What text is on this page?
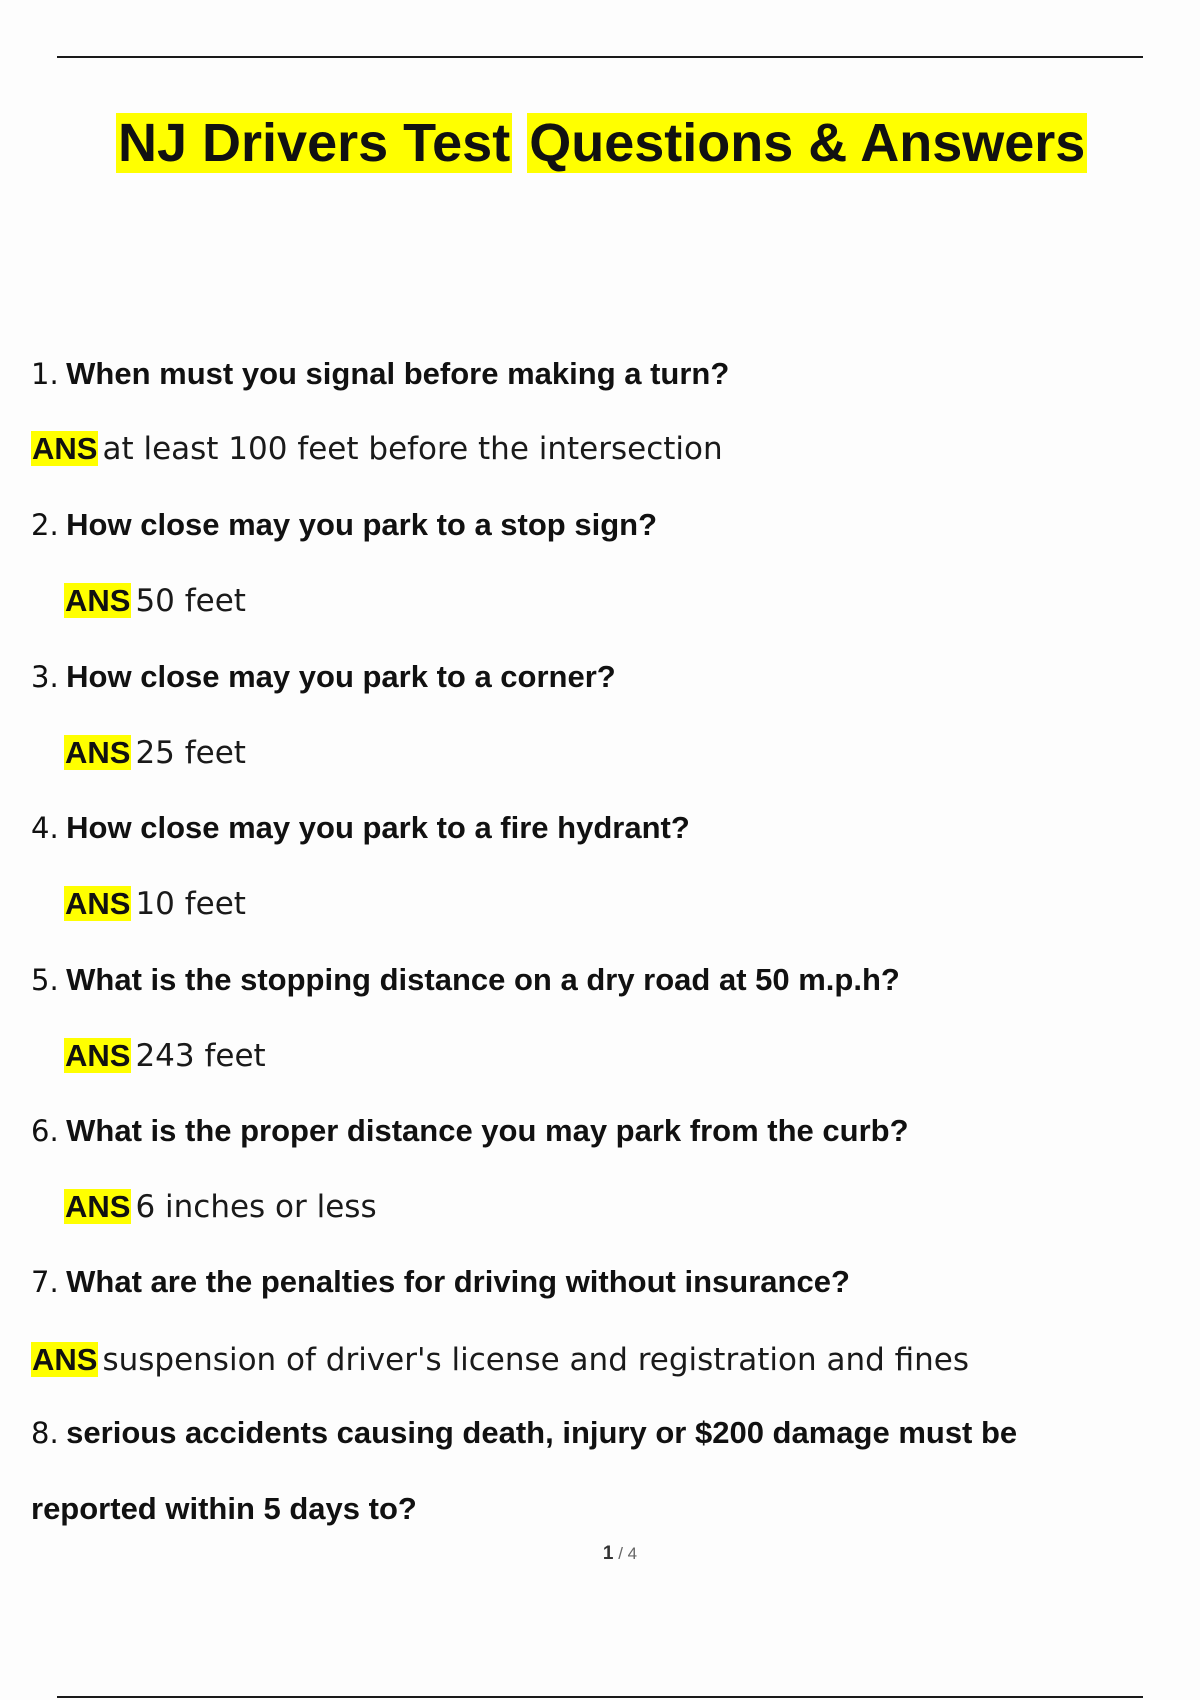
NJ Drivers Test Questions & Answers
1. When must you signal before making a turn?
ANS at least 100 feet before the intersection
2. How close may you park to a stop sign?
ANS 50 feet
3. How close may you park to a corner?
ANS 25 feet
4. How close may you park to a fire hydrant?
ANS 10 feet
5. What is the stopping distance on a dry road at 50 m.p.h?
ANS 243 feet
6. What is the proper distance you may park from the curb?
ANS 6 inches or less
7. What are the penalties for driving without insurance?
ANS suspension of driver's license and registration and fines
8. serious accidents causing death, injury or $200 damage must be
reported within 5 days to?
1 / 4
